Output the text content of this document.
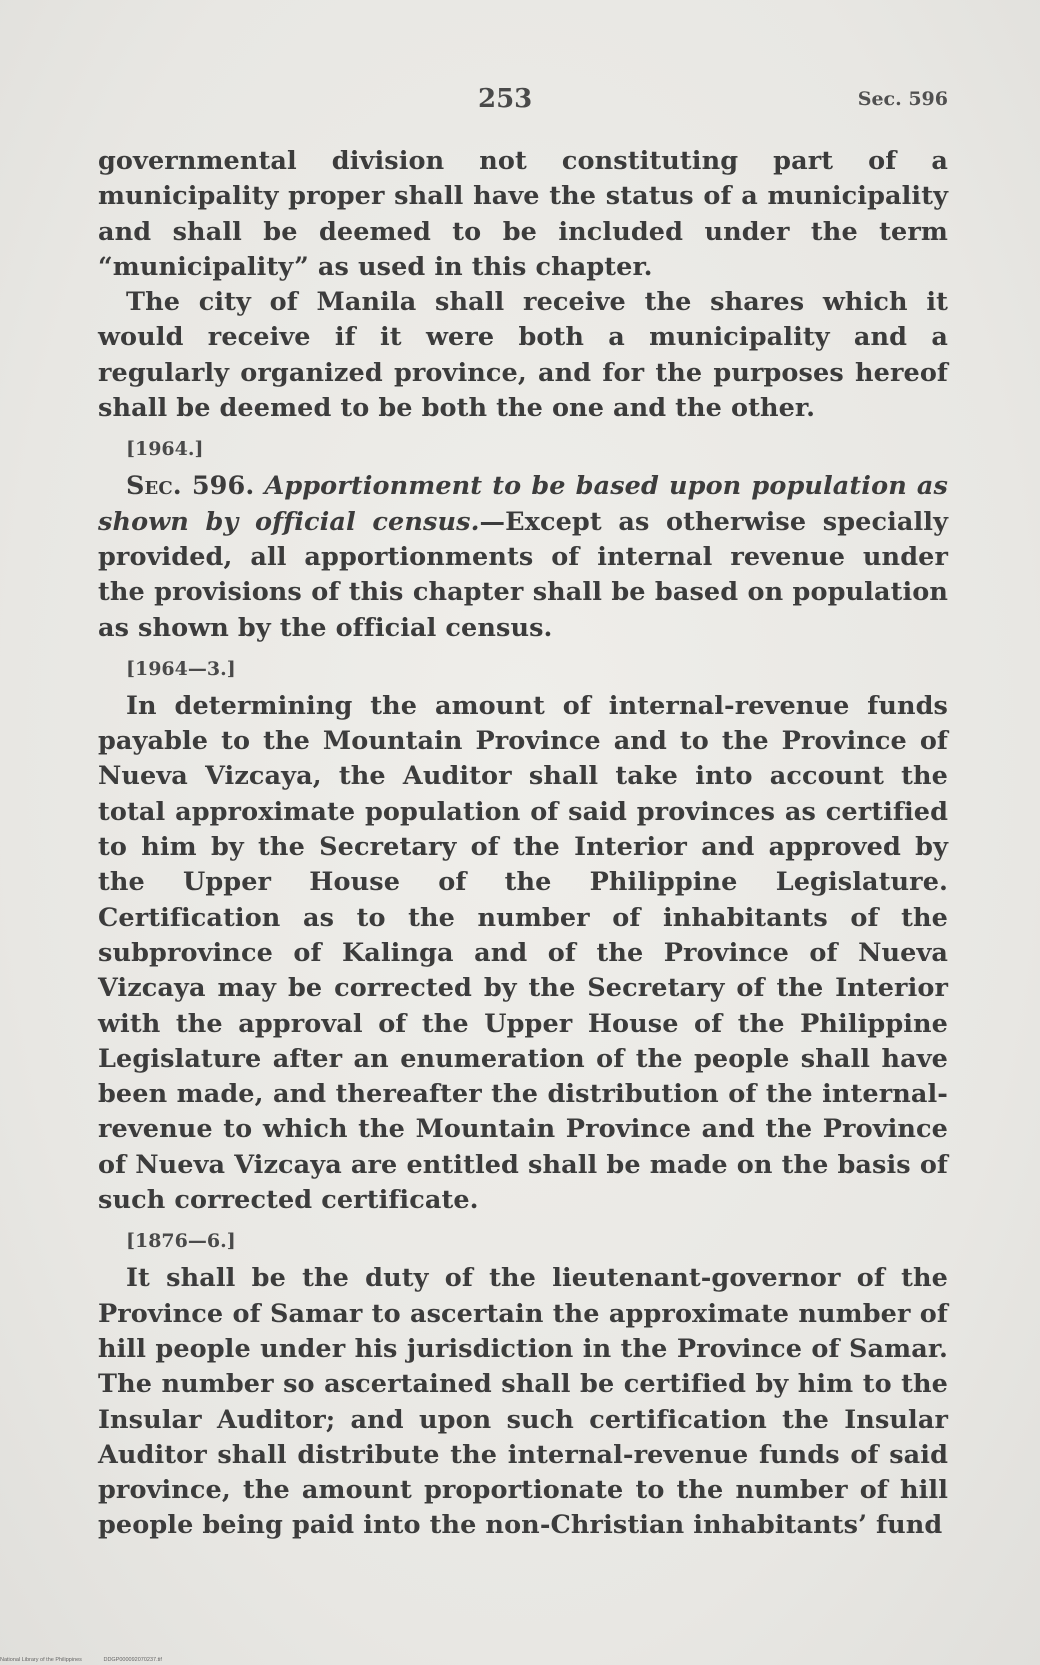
253	Sec. 596

governmental division not constituting part of a municipality proper shall have the status of a municipality and shall be deemed to be included under the term “municipality” as used in this chapter.

The city of Manila shall receive the shares which it would receive if it were both a municipality and a regularly organized province, and for the purposes hereof shall be deemed to be both the one and the other.

[1964.]

Sec. 596. Apportionment to be based upon population as shown by official census.—Except as otherwise specially provided, all apportionments of internal revenue under the provisions of this chapter shall be based on population as shown by the official census.

[1964—3.]

In determining the amount of internal-revenue funds payable to the Mountain Province and to the Province of Nueva Vizcaya, the Auditor shall take into account the total approximate population of said provinces as certified to him by the Secretary of the Interior and approved by the Upper House of the Philippine Legislature. Certification as to the number of inhabitants of the subprovince of Kalinga and of the Province of Nueva Vizcaya may be corrected by the Secretary of the Interior with the approval of the Upper House of the Philippine Legislature after an enumeration of the people shall have been made, and thereafter the distribution of the internal-revenue to which the Mountain Province and the Province of Nueva Vizcaya are entitled shall be made on the basis of such corrected certificate.

[1876—6.]

It shall be the duty of the lieutenant-governor of the Province of Samar to ascertain the approximate number of hill people under his jurisdiction in the Province of Samar. The number so ascertained shall be certified by him to the Insular Auditor; and upon such certification the Insular Auditor shall distribute the internal-revenue funds of said province, the amount proportionate to the number of hill people being paid into the non-Christian inhabitants’ fund

National Library of the Philippines	DDGP000092070237.tif
